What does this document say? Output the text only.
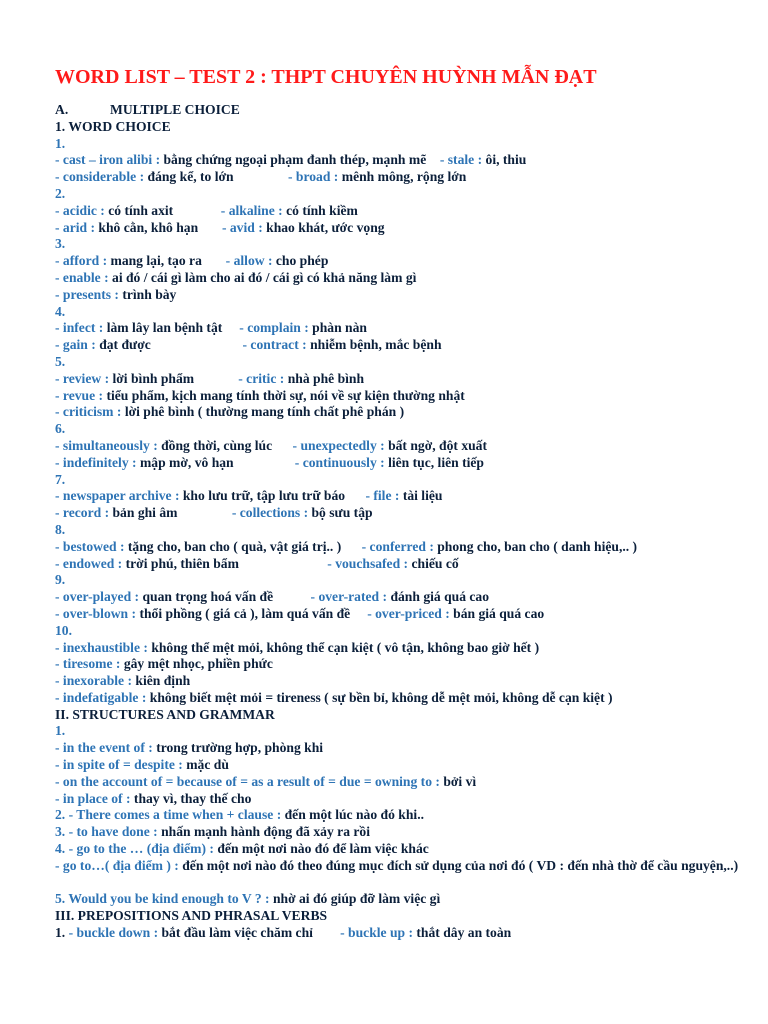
WORD LIST – TEST 2 : THPT CHUYÊN HUỲNH MẪN ĐẠT
A.	MULTIPLE CHOICE
1. WORD CHOICE
1.
- cast – iron alibi : bằng chứng ngoại phạm đanh thép, mạnh mẽ    - stale : ôi, thiu
- considerable : đáng kể, to lớn                - broad : mênh mông, rộng lớn
2.
- acidic : có tính axit              - alkaline : có tính kiềm
- arid : khô cằn, khô hạn       - avid : khao khát, ước vọng
3.
- afford : mang lại, tạo ra       - allow : cho phép
- enable : ai đó / cái gì làm cho ai đó / cái gì có khả năng làm gì
- presents : trình bày
4.
- infect : làm lây lan bệnh tật     - complain : phàn nàn
- gain : đạt được                           - contract : nhiễm bệnh, mắc bệnh
5.
- review : lời bình phẩm             - critic : nhà phê bình
- revue : tiểu phẩm, kịch mang tính thời sự, nói về sự kiện thường nhật
- criticism : lời phê bình ( thường mang tính chất phê phán )
6.
- simultaneously : đồng thời, cùng lúc      - unexpectedly : bất ngờ, đột xuất
- indefinitely : mập mờ, vô hạn                  - continuously : liên tục, liên tiếp
7.
- newspaper archive : kho lưu trữ, tập lưu trữ báo      - file : tài liệu
- record : bản ghi âm                - collections : bộ sưu tập
8.
- bestowed : tặng cho, ban cho ( quà, vật giá trị.. )      - conferred : phong cho, ban cho ( danh hiệu,.. )
- endowed : trời phú, thiên bẩm                          - vouchsafed : chiếu cố
9.
- over-played : quan trọng hoá vấn đề           - over-rated : đánh giá quá cao
- over-blown : thổi phồng ( giá cả ), làm quá vấn đề     - over-priced : bán giá quá cao
10.
- inexhaustible : không thể mệt mỏi, không thể cạn kiệt ( vô tận, không bao giờ hết )
- tiresome : gây mệt nhọc, phiền phức
- inexorable : kiên định
- indefatigable : không biết mệt mỏi = tireness ( sự bền bỉ, không dễ mệt mỏi, không dễ cạn kiệt )
II. STRUCTURES AND GRAMMAR
1.
- in the event of : trong trường hợp, phòng khi
- in spite of = despite : mặc dù
- on the account of = because of = as a result of = due = owning to : bởi vì
- in place of : thay vì, thay thế cho
2. - There comes a time when + clause : đến một lúc nào đó khi..
3. - to have done : nhấn mạnh hành động đã xảy ra rồi
4. - go to the … (địa điểm) : đến một nơi nào đó để làm việc khác
- go to…( địa điểm ) : đến một nơi nào đó theo đúng mục đích sử dụng của nơi đó ( VD : đến nhà thờ để cầu nguyện,..)
5. Would you be kind enough to V ? : nhờ ai đó giúp đỡ làm việc gì
III. PREPOSITIONS AND PHRASAL VERBS
1. - buckle down : bắt đầu làm việc chăm chỉ        - buckle up : thắt dây an toàn
